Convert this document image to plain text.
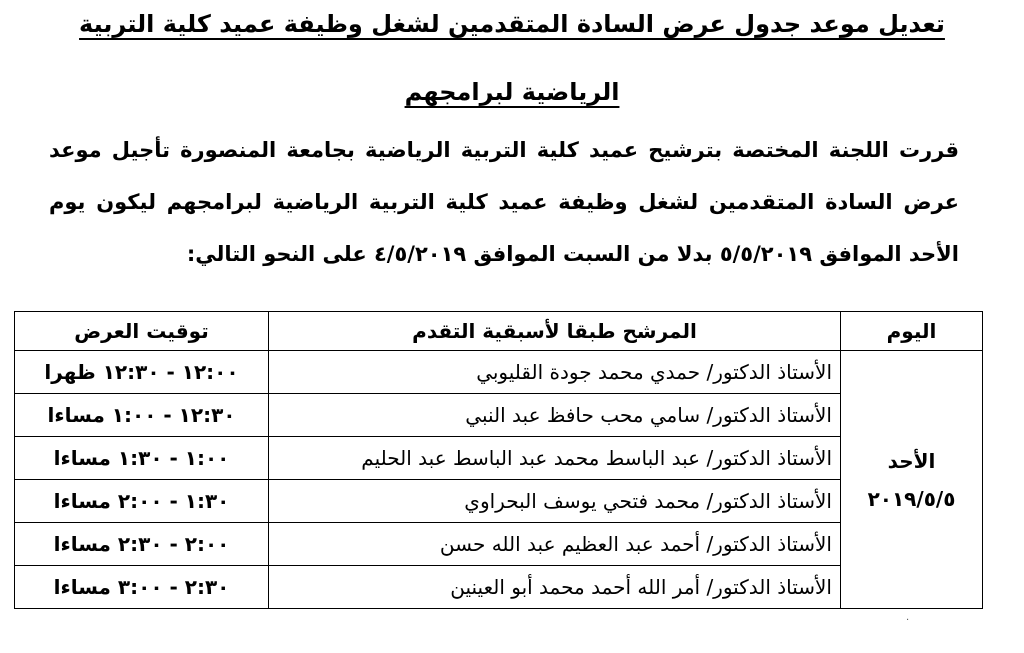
تعديل موعد جدول عرض السادة المتقدمين لشغل وظيفة عميد كلية التربية
الرياضية لبرامجهم
قررت اللجنة المختصة بترشيح عميد كلية التربية الرياضية بجامعة المنصورة تأجيل موعد عرض السادة المتقدمين لشغل وظيفة عميد كلية التربية الرياضية لبرامجهم ليكون يوم الأحد الموافق ٥/٥/٢٠١٩ بدلا من السبت الموافق ٤/٥/٢٠١٩ على النحو التالي:
اليوم	المرشح طبقا لأسبقية التقدم	توقيت العرض

الأحد
٢٠١٩/٥/٥	الأستاذ الدكتور/ حمدي محمد جودة القليوبي	١٢:٠٠ - ١٢:٣٠ ظهرا
	الأستاذ الدكتور/ سامي محب حافظ عبد النبي	١٢:٣٠ - ١:٠٠ مساءا
	الأستاذ الدكتور/ عبد الباسط محمد عبد الباسط عبد الحليم	١:٠٠ - ١:٣٠ مساءا
	الأستاذ الدكتور/ محمد فتحي يوسف البحراوي	١:٣٠ - ٢:٠٠ مساءا
	الأستاذ الدكتور/ أحمد عبد العظيم عبد الله حسن	٢:٠٠ - ٢:٣٠ مساءا
	الأستاذ الدكتور/ أمر الله أحمد محمد أبو العينين	٢:٣٠ - ٣:٠٠ مساءا
.
